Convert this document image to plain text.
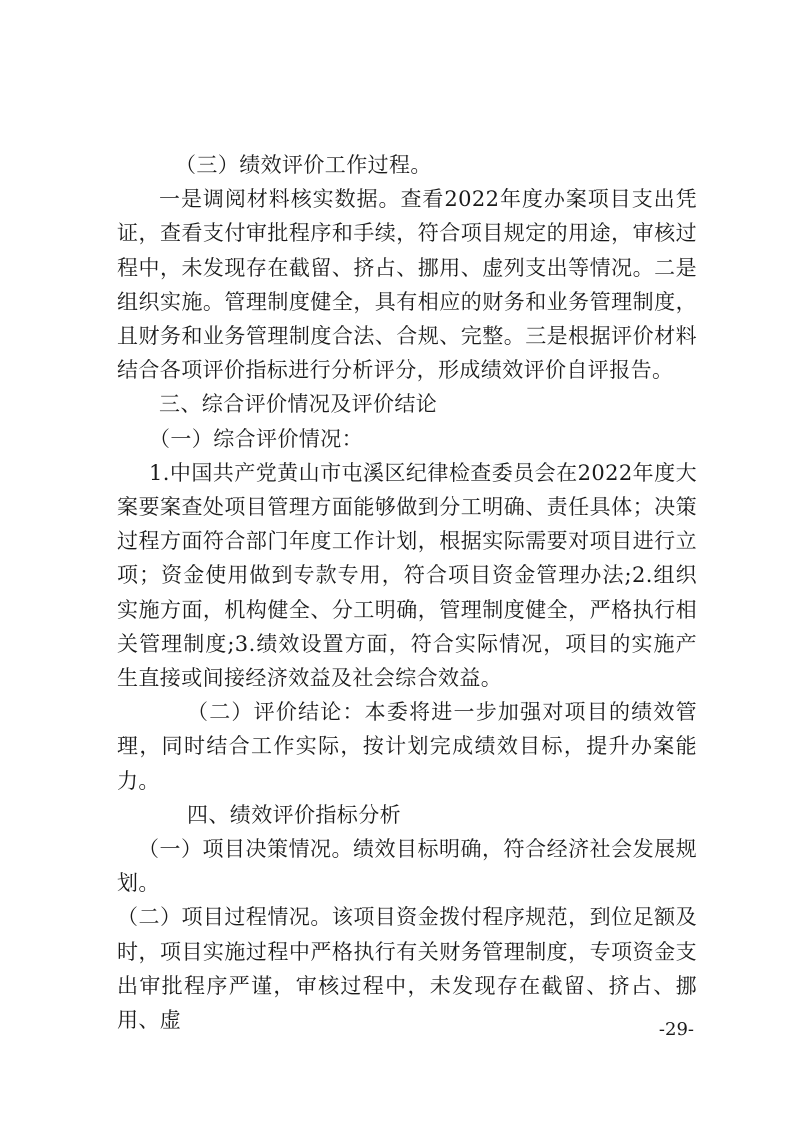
（三）绩效评价工作过程。

一是调阅材料核实数据。查看2022年度办案项目支出凭证，查看支付审批程序和手续，符合项目规定的用途，审核过程中，未发现存在截留、挤占、挪用、虚列支出等情况。二是组织实施。管理制度健全，具有相应的财务和业务管理制度，且财务和业务管理制度合法、合规、完整。三是根据评价材料结合各项评价指标进行分析评分，形成绩效评价自评报告。

三、综合评价情况及评价结论

（一）综合评价情况：

1.中国共产党黄山市屯溪区纪律检查委员会在2022年度大案要案查处项目管理方面能够做到分工明确、责任具体；决策过程方面符合部门年度工作计划，根据实际需要对项目进行立项；资金使用做到专款专用，符合项目资金管理办法;2.组织实施方面，机构健全、分工明确，管理制度健全，严格执行相关管理制度;3.绩效设置方面，符合实际情况，项目的实施产生直接或间接经济效益及社会综合效益。

（二）评价结论：本委将进一步加强对项目的绩效管理，同时结合工作实际，按计划完成绩效目标，提升办案能力。

四、绩效评价指标分析

（一）项目决策情况。绩效目标明确，符合经济社会发展规划。

（二）项目过程情况。该项目资金拨付程序规范，到位足额及时，项目实施过程中严格执行有关财务管理制度，专项资金支出审批程序严谨，审核过程中，未发现存在截留、挤占、挪用、虚	-29-
